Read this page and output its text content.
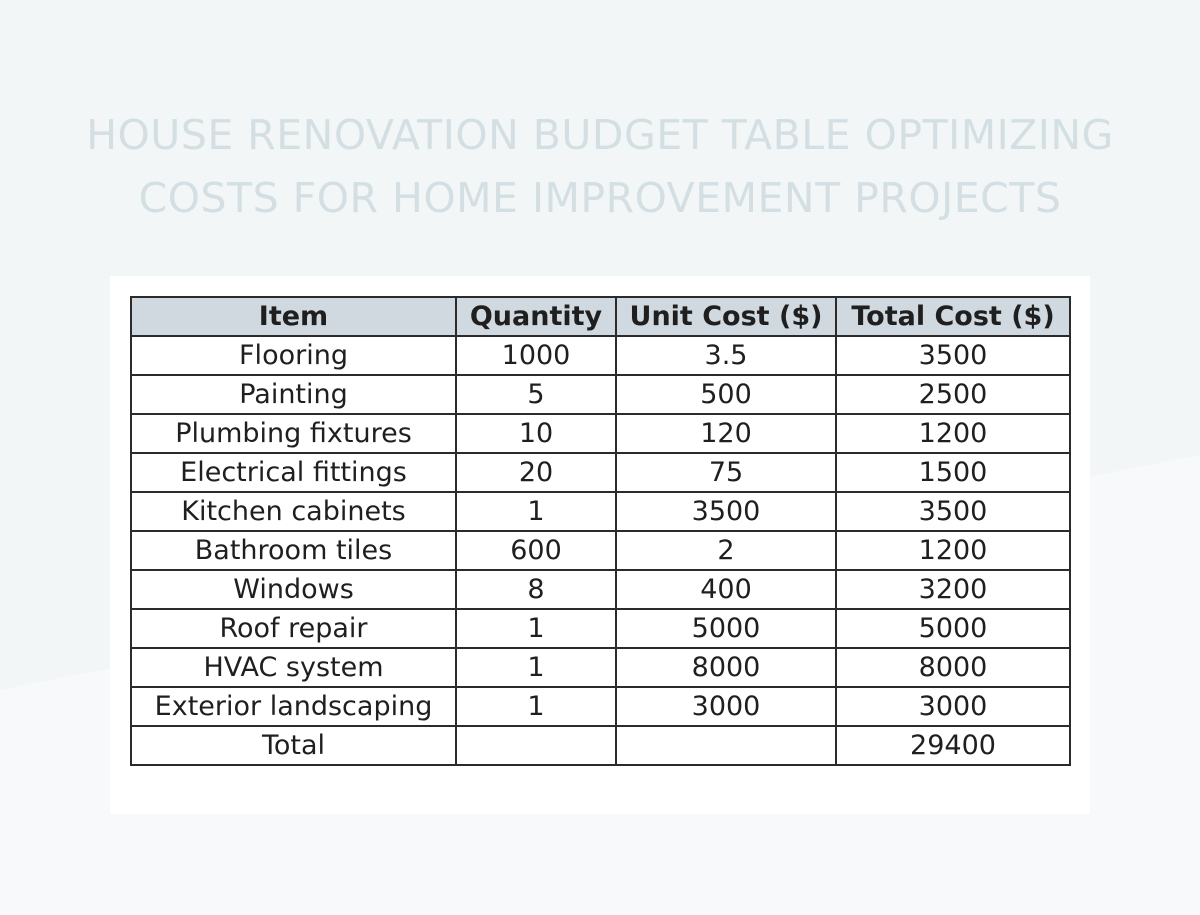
HOUSE RENOVATION BUDGET TABLE OPTIMIZING
COSTS FOR HOME IMPROVEMENT PROJECTS
Item	Quantity	Unit Cost ($)	Total Cost ($)
Flooring	1000	3.5	3500
Painting	5	500	2500
Plumbing fixtures	10	120	1200
Electrical fittings	20	75	1500
Kitchen cabinets	1	3500	3500
Bathroom tiles	600	2	1200
Windows	8	400	3200
Roof repair	1	5000	5000
HVAC system	1	8000	8000
Exterior landscaping	1	3000	3000
Total			29400
